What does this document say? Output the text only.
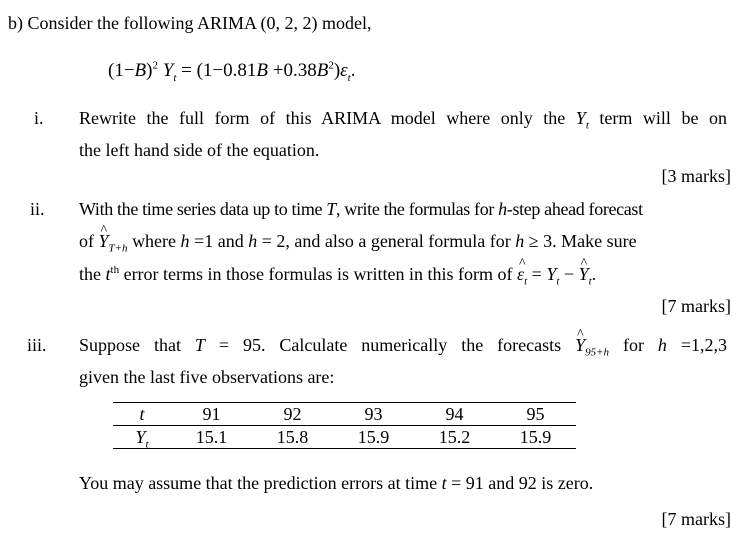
b) Consider the following ARIMA (0, 2, 2) model,
$(1-B)^2$ $Y_t = (1-0.81B +0.38B^2)\varepsilon_t$.
i. Rewrite the full form of this ARIMA model where only the $Y_t$ term will be on
the left hand side of the equation.
[3 marks]
ii. With the time series data up to time T, write the formulas for h-step ahead forecast
of ^ $Y_{T+h}$ where h =1 and h = 2, and also a general formula for h ≥ 3. Make sure
the $t^{th}$ error terms in those formulas is written in this form of ^ $\varepsilon_t = Y_t$ − ^ $Y_t$.
[7 marks]
iii. Suppose that T = 95. Calculate numerically the forecasts ^ $Y_{95+h}$ for h =1,2,3
given the last five observations are:
t	91	92	93	94	95
$Y_t$	15.1	15.8	15.9	15.2	15.9
You may assume that the prediction errors at time t = 91 and 92 is zero.
[7 marks]
